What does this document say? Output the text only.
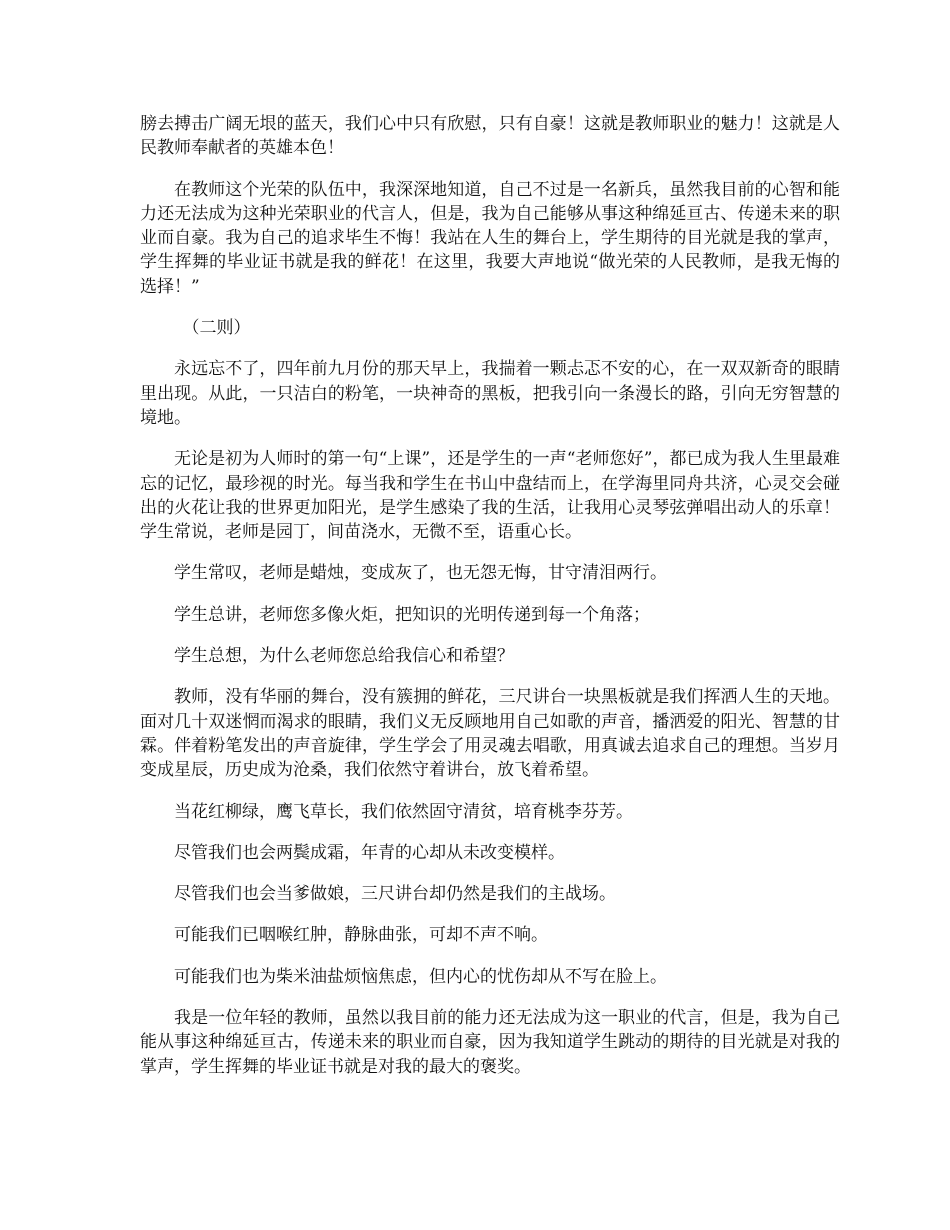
膀去搏击广阔无垠的蓝天，我们心中只有欣慰，只有自豪！这就是教师职业的魅力！这就是人民教师奉献者的英雄本色！

在教师这个光荣的队伍中，我深深地知道，自己不过是一名新兵，虽然我目前的心智和能力还无法成为这种光荣职业的代言人，但是，我为自己能够从事这种绵延亘古、传递未来的职业而自豪。我为自己的追求毕生不悔！我站在人生的舞台上，学生期待的目光就是我的掌声，学生挥舞的毕业证书就是我的鲜花！在这里，我要大声地说“做光荣的人民教师，是我无悔的选择！”

（二则）

永远忘不了，四年前九月份的那天早上，我揣着一颗忐忑不安的心，在一双双新奇的眼睛里出现。从此，一只洁白的粉笔，一块神奇的黑板，把我引向一条漫长的路，引向无穷智慧的境地。

无论是初为人师时的第一句“上课”，还是学生的一声“老师您好”，都已成为我人生里最难忘的记忆，最珍视的时光。每当我和学生在书山中盘结而上，在学海里同舟共济，心灵交会碰出的火花让我的世界更加阳光，是学生感染了我的生活，让我用心灵琴弦弹唱出动人的乐章！学生常说，老师是园丁，间苗浇水，无微不至，语重心长。

学生常叹，老师是蜡烛，变成灰了，也无怨无悔，甘守清泪两行。

学生总讲，老师您多像火炬，把知识的光明传递到每一个角落；

学生总想，为什么老师您总给我信心和希望？

教师，没有华丽的舞台，没有簇拥的鲜花，三尺讲台一块黑板就是我们挥洒人生的天地。面对几十双迷惘而渴求的眼睛，我们义无反顾地用自己如歌的声音，播洒爱的阳光、智慧的甘霖。伴着粉笔发出的声音旋律，学生学会了用灵魂去唱歌，用真诚去追求自己的理想。当岁月变成星辰，历史成为沧桑，我们依然守着讲台，放飞着希望。

当花红柳绿，鹰飞草长，我们依然固守清贫，培育桃李芬芳。

尽管我们也会两鬓成霜，年青的心却从未改变模样。

尽管我们也会当爹做娘，三尺讲台却仍然是我们的主战场。

可能我们已咽喉红肿，静脉曲张，可却不声不响。

可能我们也为柴米油盐烦恼焦虑，但内心的忧伤却从不写在脸上。

我是一位年轻的教师，虽然以我目前的能力还无法成为这一职业的代言，但是，我为自己能从事这种绵延亘古，传递未来的职业而自豪，因为我知道学生跳动的期待的目光就是对我的掌声，学生挥舞的毕业证书就是对我的最大的褒奖。
